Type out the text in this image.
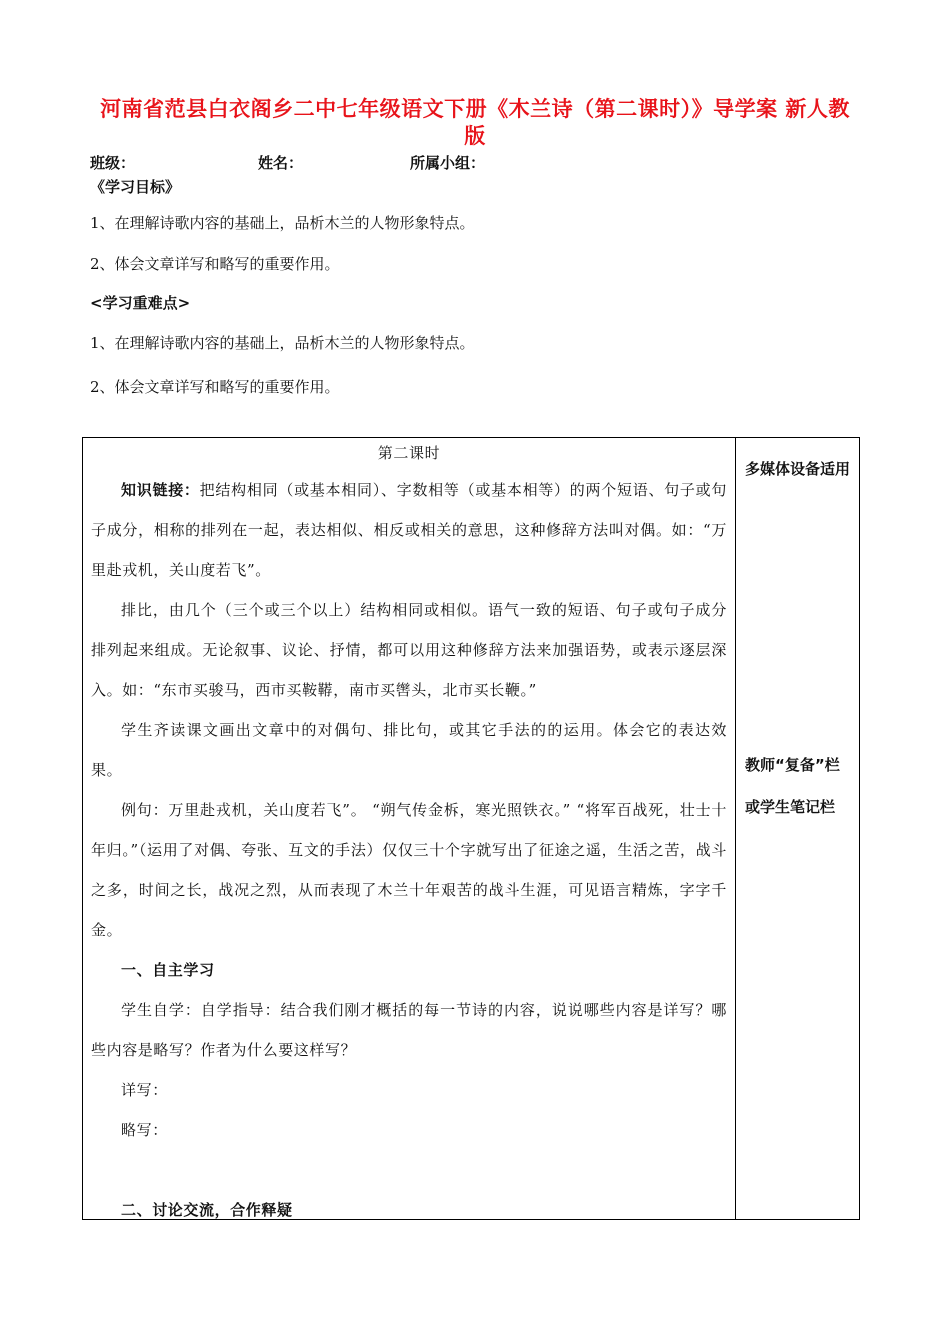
河南省范县白衣阁乡二中七年级语文下册《木兰诗（第二课时）》导学案 新人教版
班级：	姓名：	所属小组：
《学习目标》
1、在理解诗歌内容的基础上，品析木兰的人物形象特点。
2、体会文章详写和略写的重要作用。
<学习重难点>
1、在理解诗歌内容的基础上，品析木兰的人物形象特点。
2、体会文章详写和略写的重要作用。

第二课时

知识链接：把结构相同（或基本相同）、字数相等（或基本相等）的两个短语、句子或句子成分，相称的排列在一起，表达相似、相反或相关的意思，这种修辞方法叫对偶。如：“万里赴戎机，关山度若飞”。

排比，由几个（三个或三个以上）结构相同或相似。语气一致的短语、句子或句子成分排列起来组成。无论叙事、议论、抒情，都可以用这种修辞方法来加强语势，或表示逐层深入。如：“东市买骏马，西市买鞍鞯，南市买辔头，北市买长鞭。”

学生齐读课文画出文章中的对偶句、排比句，或其它手法的的运用。体会它的表达效果。

例句：万里赴戎机，关山度若飞”。 “朔气传金柝，寒光照铁衣。” “将军百战死，壮士十年归。”（运用了对偶、夸张、互文的手法）仅仅三十个字就写出了征途之遥，生活之苦，战斗之多，时间之长，战况之烈，从而表现了木兰十年艰苦的战斗生涯，可见语言精炼，字字千金。

一、自主学习

学生自学：自学指导：结合我们刚才概括的每一节诗的内容，说说哪些内容是详写？哪些内容是略写？作者为什么要这样写？

详写：

略写：

二、讨论交流，合作释疑

多媒体设备适用
教师“复备”栏或学生笔记栏
